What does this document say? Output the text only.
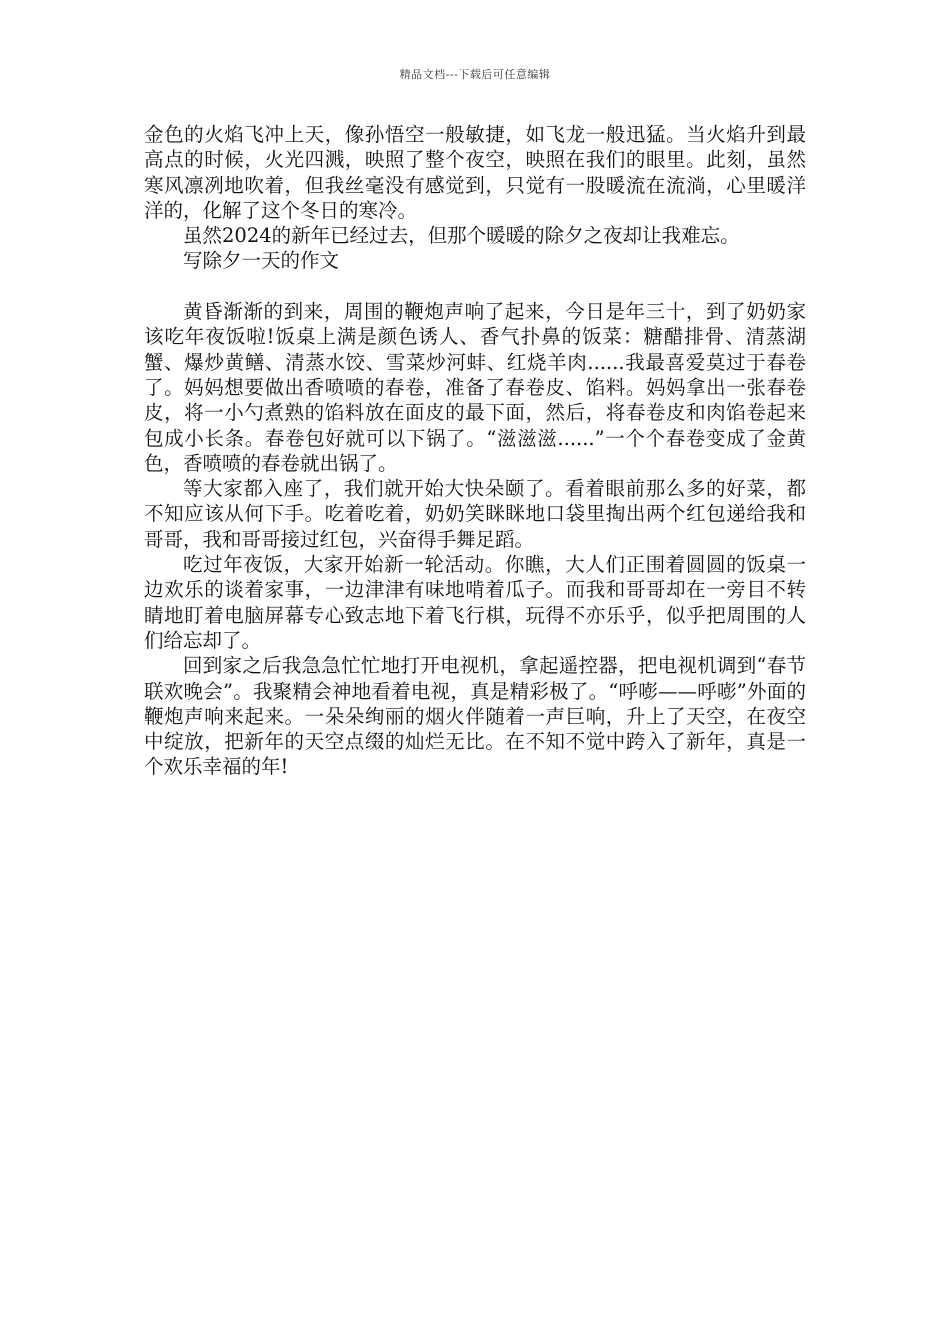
精品文档---下载后可任意编辑

金色的火焰飞冲上天，像孙悟空一般敏捷，如飞龙一般迅猛。当火焰升到最高点的时候，火光四溅，映照了整个夜空，映照在我们的眼里。此刻，虽然寒风凛冽地吹着，但我丝毫没有感觉到，只觉有一股暖流在流淌，心里暖洋洋的，化解了这个冬日的寒冷。

虽然2024的新年已经过去，但那个暖暖的除夕之夜却让我难忘。

写除夕一天的作文

黄昏渐渐的到来，周围的鞭炮声响了起来，今日是年三十，到了奶奶家该吃年夜饭啦!饭桌上满是颜色诱人、香气扑鼻的饭菜：糖醋排骨、清蒸湖蟹、爆炒黄鳝、清蒸水饺、雪菜炒河蚌、红烧羊肉......我最喜爱莫过于春卷了。妈妈想要做出香喷喷的春卷，准备了春卷皮、馅料。妈妈拿出一张春卷皮，将一小勺煮熟的馅料放在面皮的最下面，然后，将春卷皮和肉馅卷起来包成小长条。春卷包好就可以下锅了。“滋滋滋......”一个个春卷变成了金黄色，香喷喷的春卷就出锅了。

等大家都入座了，我们就开始大快朵颐了。看着眼前那么多的好菜，都不知应该从何下手。吃着吃着，奶奶笑眯眯地口袋里掏出两个红包递给我和哥哥，我和哥哥接过红包，兴奋得手舞足蹈。

吃过年夜饭，大家开始新一轮活动。你瞧，大人们正围着圆圆的饭桌一边欢乐的谈着家事，一边津津有味地啃着瓜子。而我和哥哥却在一旁目不转睛地盯着电脑屏幕专心致志地下着飞行棋，玩得不亦乐乎，似乎把周围的人们给忘却了。

回到家之后我急急忙忙地打开电视机，拿起遥控器，把电视机调到“春节联欢晚会”。我聚精会神地看着电视，真是精彩极了。“呼嘭——呼嘭”外面的鞭炮声响来起来。一朵朵绚丽的烟火伴随着一声巨响，升上了天空，在夜空中绽放，把新年的天空点缀的灿烂无比。在不知不觉中跨入了新年，真是一个欢乐幸福的年!
